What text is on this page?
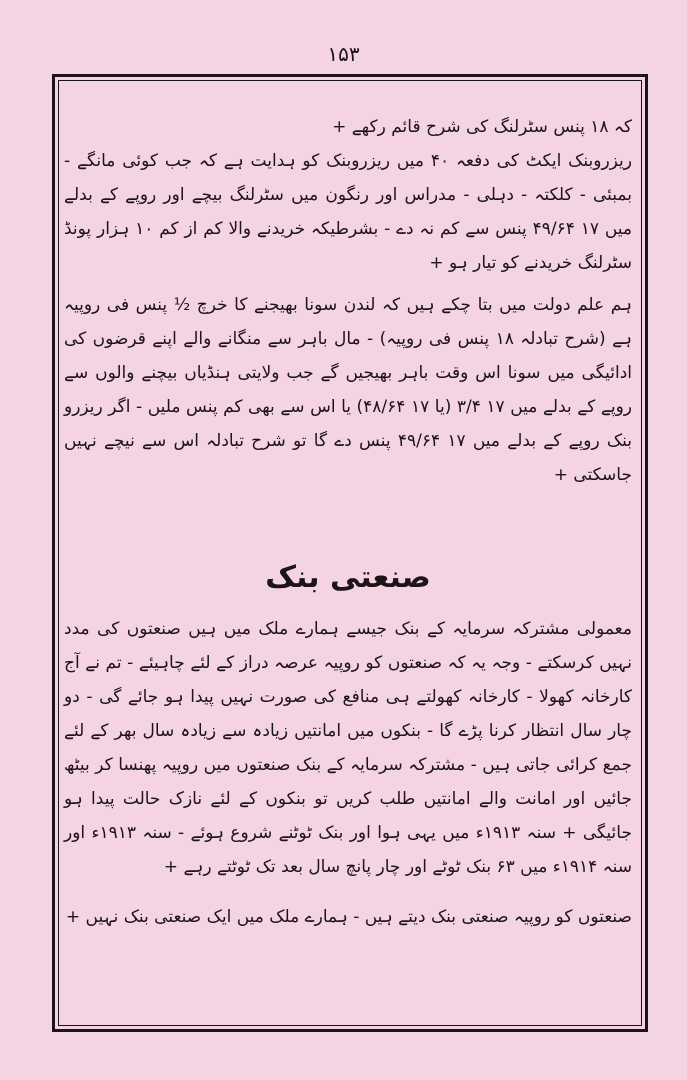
۱۵۳

کہ ۱۸ پنس سٹرلنگ کی شرح قائم رکھے +

ریزروبنک ایکٹ کی دفعہ ۴۰ میں ریزروبنک کو ہدایت ہے کہ جب کوئی مانگے - بمبئی - کلکتہ - دہلی - مدراس اور رنگون میں سٹرلنگ بیچے اور روپے کے بدلے میں ۱۷ ۴۹/۶۴ پنس سے کم نہ دے - بشرطیکہ خریدنے والا کم از کم ۱۰ ہزار پونڈ سٹرلنگ خریدنے کو تیار ہو +

ہم علم دولت میں بتا چکے ہیں کہ لندن سونا بھیجنے کا خرچ ½ پنس فی روپیہ ہے (شرح تبادلہ ۱۸ پنس فی روپیہ) - مال باہر سے منگانے والے اپنے قرضوں کی ادائیگی میں سونا اس وقت باہر بھیجیں گے جب ولایتی ہنڈیاں بیچنے والوں سے روپے کے بدلے میں ۱۷ ۳/۴ (یا ۱۷ ۴۸/۶۴) یا اس سے بھی کم پنس ملیں - اگر ریزرو بنک روپے کے بدلے میں ۱۷ ۴۹/۶۴ پنس دے گا تو شرح تبادلہ اس سے نیچے نہیں جاسکتی +

صنعتی بنک

معمولی مشترکہ سرمایہ کے بنک جیسے ہمارے ملک میں ہیں صنعتوں کی مدد نہیں کرسکتے - وجہ یہ کہ صنعتوں کو روپیہ عرصہ دراز کے لئے چاہیئے - تم نے آج کارخانہ کھولا - کارخانہ کھولتے ہی منافع کی صورت نہیں پیدا ہو جائے گی - دو چار سال انتظار کرنا پڑے گا - بنکوں میں امانتیں زیادہ سے زیادہ سال بھر کے لئے جمع کرائی جاتی ہیں - مشترکہ سرمایہ کے بنک صنعتوں میں روپیہ پھنسا کر بیٹھ جائیں اور امانت والے امانتیں طلب کریں تو بنکوں کے لئے نازک حالت پیدا ہو جائیگی + سنہ ۱۹۱۳ء میں یہی ہوا اور بنک ٹوٹنے شروع ہوئے - سنہ ۱۹۱۳ء اور سنہ ۱۹۱۴ء میں ۶۳ بنک ٹوٹے اور چار پانچ سال بعد تک ٹوٹتے رہے +

صنعتوں کو روپیہ صنعتی بنک دیتے ہیں - ہمارے ملک میں ایک صنعتی بنک نہیں +
